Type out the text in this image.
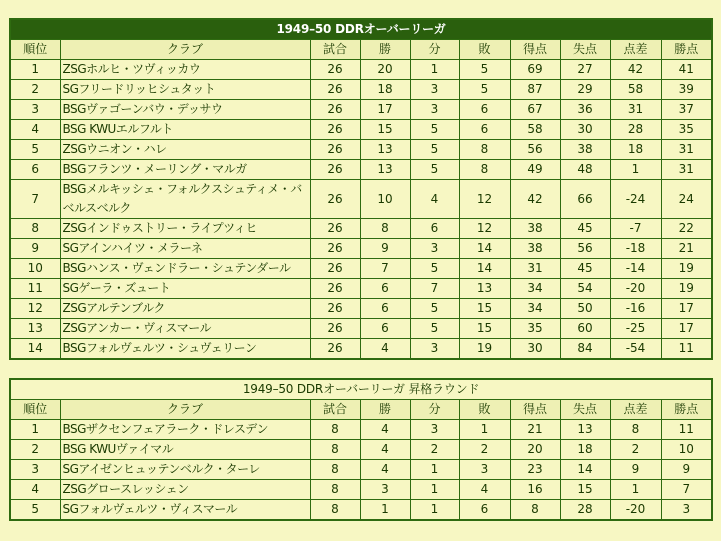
1949–50 DDRオーバーリーガ									
順位	クラブ	試合	勝	分	敗	得点	失点	点差	勝点
1	ZSGホルヒ・ツヴィッカウ	26	20	1	5	69	27	42	41
2	SGフリードリッヒシュタット	26	18	3	5	87	29	58	39
3	BSGヴァゴーンバウ・デッサウ	26	17	3	6	67	36	31	37
4	BSG KWUエルフルト	26	15	5	6	58	30	28	35
5	ZSGウニオン・ハレ	26	13	5	8	56	38	18	31
6	BSGフランツ・メーリング・マルガ	26	13	5	8	49	48	1	31
7	BSGメルキッシェ・フォルクスシュティメ・バベルスベルク	26	10	4	12	42	66	-24	24
8	ZSGインドゥストリー・ライプツィヒ	26	8	6	12	38	45	-7	22
9	SGアインハイツ・メラーネ	26	9	3	14	38	56	-18	21
10	BSGハンス・ヴェンドラー・シュテンダール	26	7	5	14	31	45	-14	19
11	SGゲーラ・ズュート	26	6	7	13	34	54	-20	19
12	ZSGアルテンブルク	26	6	5	15	34	50	-16	17
13	ZSGアンカー・ヴィスマール	26	6	5	15	35	60	-25	17
14	BSGフォルヴェルツ・シュヴェリーン	26	4	3	19	30	84	-54	11
1949–50 DDRオーバーリーガ 昇格ラウンド									
順位	クラブ	試合	勝	分	敗	得点	失点	点差	勝点
1	BSGザクセンフェアラーク・ドレスデン	8	4	3	1	21	13	8	11
2	BSG KWUヴァイマル	8	4	2	2	20	18	2	10
3	SGアイゼンヒュッテンベルク・ターレ	8	4	1	3	23	14	9	9
4	ZSGグロースレッシェン	8	3	1	4	16	15	1	7
5	SGフォルヴェルツ・ヴィスマール	8	1	1	6	8	28	-20	3
